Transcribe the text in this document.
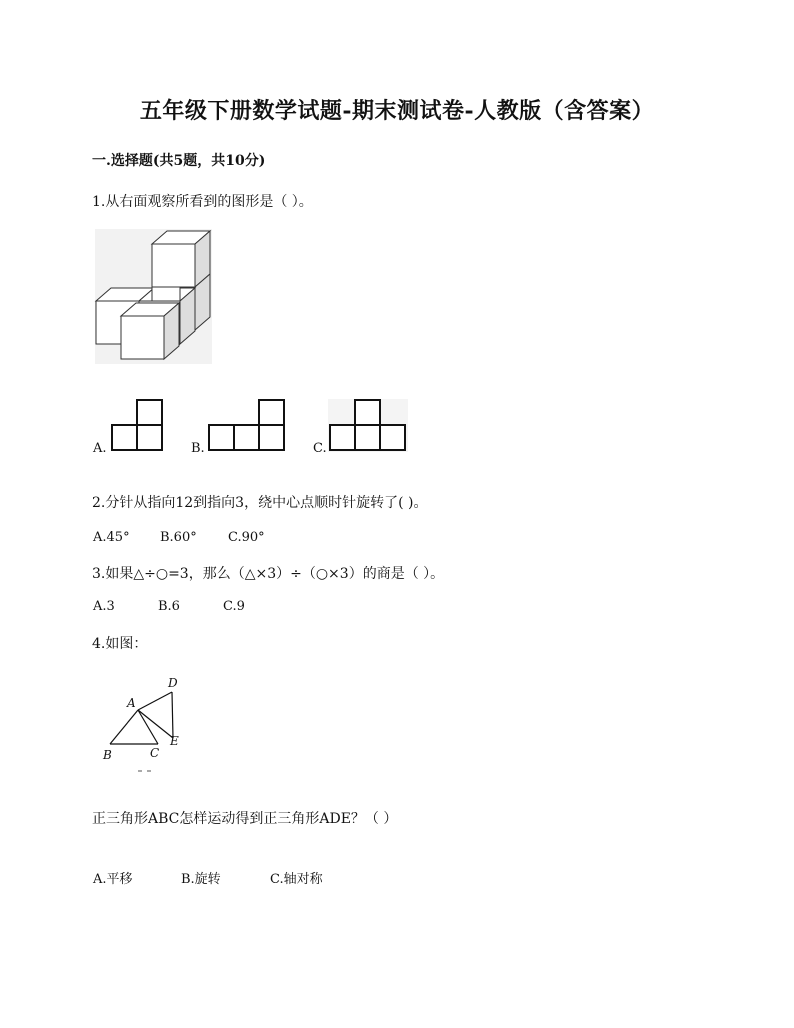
五年级下册数学试题-期末测试卷-人教版（含答案）
一.选择题(共5题，共10分)
1.从右面观察所看到的图形是（ ）。
A.	B.	C.
2.分针从指向12到指向3，绕中心点顺时针旋转了( )。
A.45° B.60° C.90°
3.如果△÷○=3，那么（△×3）÷（○×3）的商是（ ）。
A.3	B.6	C.9
4.如图：
A
B	C
D
E
正三角形ABC怎样运动得到正三角形ADE？（ ）
A.平移	B.旋转	C.轴对称
